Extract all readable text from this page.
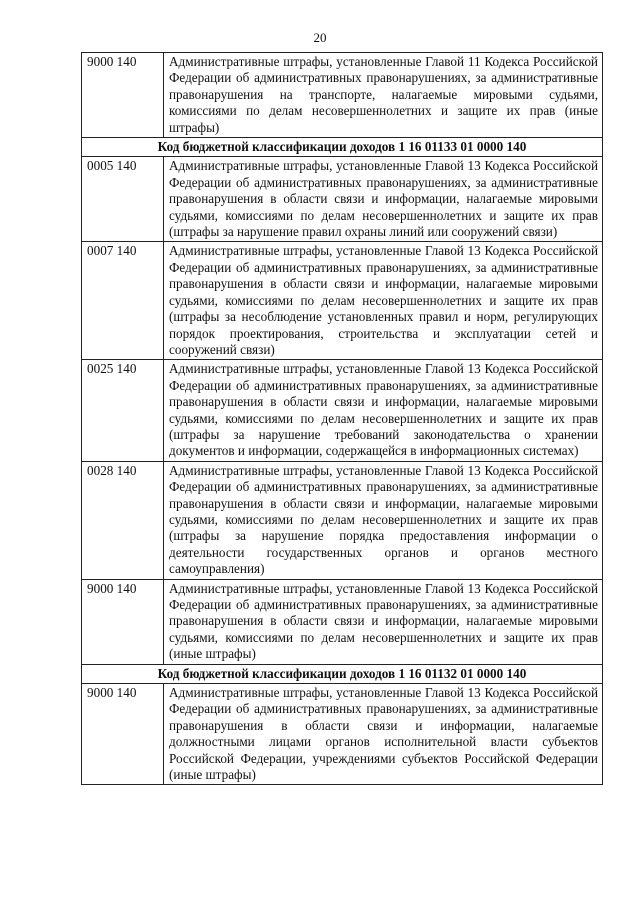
20
9000 140	Административные штрафы, установленные Главой 11 Кодекса Российской Федерации об административных правонарушениях, за административные правонарушения на транспорте, налагаемые мировыми судьями, комиссиями по делам несовершеннолетних и защите их прав (иные штрафы)
Код бюджетной классификации доходов 1 16 01133 01 0000 140	
0005 140	Административные штрафы, установленные Главой 13 Кодекса Российской Федерации об административных правонарушениях, за административные правонарушения в области связи и информации, налагаемые мировыми судьями, комиссиями по делам несовершеннолетних и защите их прав (штрафы за нарушение правил охраны линий или сооружений связи)
0007 140	Административные штрафы, установленные Главой 13 Кодекса Российской Федерации об административных правонарушениях, за административные правонарушения в области связи и информации, налагаемые мировыми судьями, комиссиями по делам несовершеннолетних и защите их прав (штрафы за несоблюдение установленных правил и норм, регулирующих порядок проектирования, строительства и эксплуатации сетей и сооружений связи)
0025 140	Административные штрафы, установленные Главой 13 Кодекса Российской Федерации об административных правонарушениях, за административные правонарушения в области связи и информации, налагаемые мировыми судьями, комиссиями по делам несовершеннолетних и защите их прав (штрафы за нарушение требований законодательства о хранении документов и информации, содержащейся в информационных системах)
0028 140	Административные штрафы, установленные Главой 13 Кодекса Российской Федерации об административных правонарушениях, за административные правонарушения в области связи и информации, налагаемые мировыми судьями, комиссиями по делам несовершеннолетних и защите их прав (штрафы за нарушение порядка предоставления информации о деятельности государственных органов и органов местного самоуправления)
9000 140	Административные штрафы, установленные Главой 13 Кодекса Российской Федерации об административных правонарушениях, за административные правонарушения в области связи и информации, налагаемые мировыми судьями, комиссиями по делам несовершеннолетних и защите их прав (иные штрафы)
Код бюджетной классификации доходов 1 16 01132 01 0000 140	
9000 140	Административные штрафы, установленные Главой 13 Кодекса Российской Федерации об административных правонарушениях, за административные правонарушения в области связи и информации, налагаемые должностными лицами органов исполнительной власти субъектов Российской Федерации, учреждениями субъектов Российской Федерации (иные штрафы)
